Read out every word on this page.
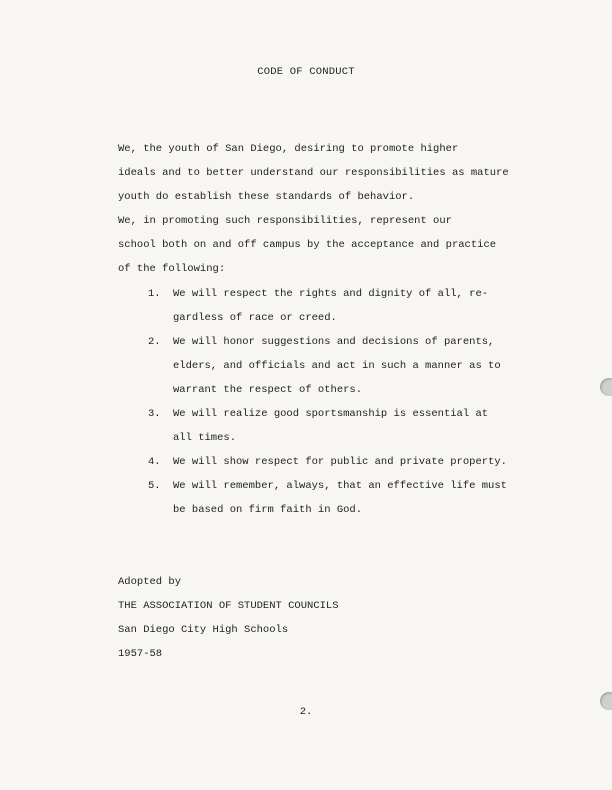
CODE OF CONDUCT
We, the youth of San Diego, desiring to promote higher
ideals and to better understand our responsibilities as mature
youth do establish these standards of behavior.
We, in promoting such responsibilities, represent our
school both on and off campus by the acceptance and practice
of the following:
1. We will respect the rights and dignity of all, re-
gardless of race or creed.
2. We will honor suggestions and decisions of parents,
elders, and officials and act in such a manner as to
warrant the respect of others.
3. We will realize good sportsmanship is essential at
all times.
4. We will show respect for public and private property.
5. We will remember, always, that an effective life must
be based on firm faith in God.
Adopted by
THE ASSOCIATION OF STUDENT COUNCILS
San Diego City High Schools
1957-58
2.
